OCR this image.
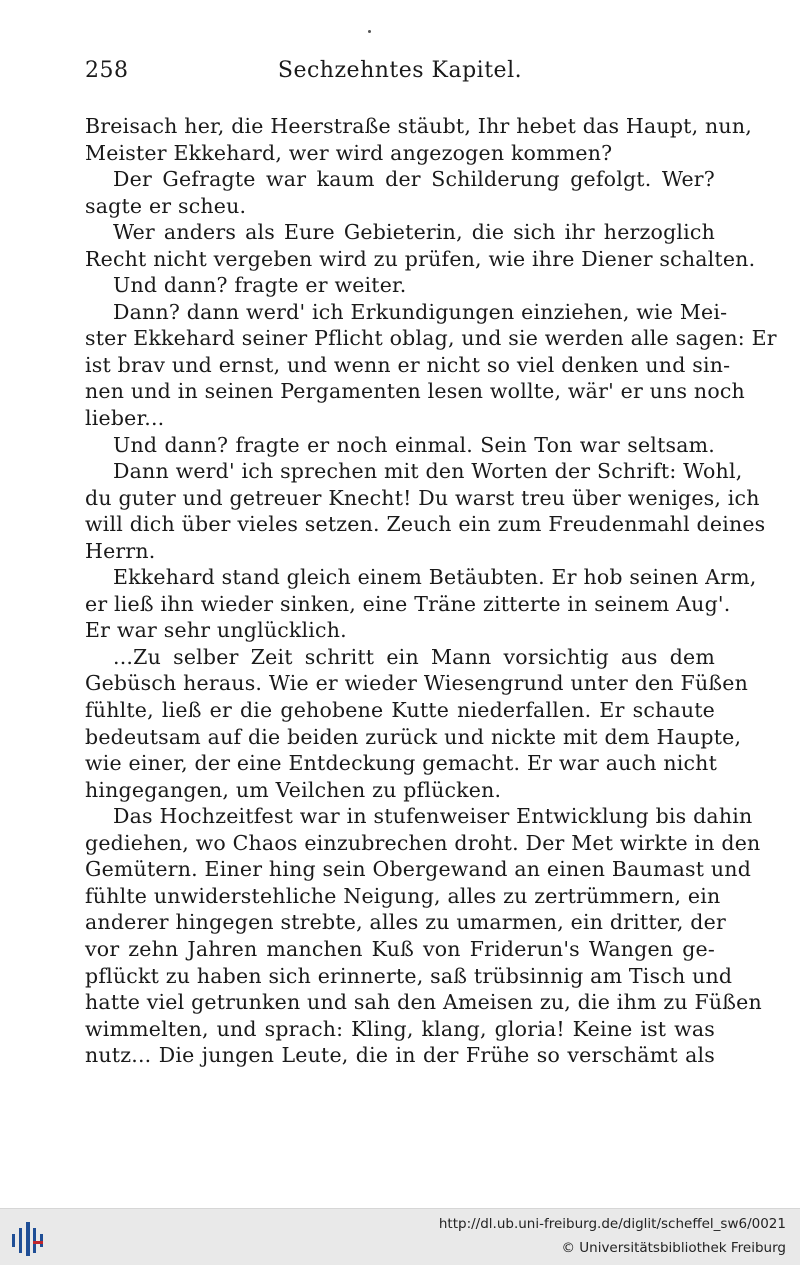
258	Sechzehntes Kapitel.
Breisach her, die Heerstraße stäubt, Ihr hebet das Haupt, nun,
Meister Ekkehard, wer wird angezogen kommen?
Der Gefragte war kaum der Schilderung gefolgt. Wer?
sagte er scheu.
Wer anders als Eure Gebieterin, die sich ihr herzoglich
Recht nicht vergeben wird zu prüfen, wie ihre Diener schalten.
Und dann? fragte er weiter.
Dann? dann werd' ich Erkundigungen einziehen, wie Mei-
ster Ekkehard seiner Pflicht oblag, und sie werden alle sagen: Er
ist brav und ernst, und wenn er nicht so viel denken und sin-
nen und in seinen Pergamenten lesen wollte, wär' er uns noch
lieber...
Und dann? fragte er noch einmal. Sein Ton war seltsam.
Dann werd' ich sprechen mit den Worten der Schrift: Wohl,
du guter und getreuer Knecht! Du warst treu über weniges, ich
will dich über vieles setzen. Zeuch ein zum Freudenmahl deines
Herrn.
Ekkehard stand gleich einem Betäubten. Er hob seinen Arm,
er ließ ihn wieder sinken, eine Träne zitterte in seinem Aug'.
Er war sehr unglücklich.
...Zu selber Zeit schritt ein Mann vorsichtig aus dem
Gebüsch heraus. Wie er wieder Wiesengrund unter den Füßen
fühlte, ließ er die gehobene Kutte niederfallen. Er schaute
bedeutsam auf die beiden zurück und nickte mit dem Haupte,
wie einer, der eine Entdeckung gemacht. Er war auch nicht
hingegangen, um Veilchen zu pflücken.
Das Hochzeitfest war in stufenweiser Entwicklung bis dahin
gediehen, wo Chaos einzubrechen droht. Der Met wirkte in den
Gemütern. Einer hing sein Obergewand an einen Baumast und
fühlte unwiderstehliche Neigung, alles zu zertrümmern, ein
anderer hingegen strebte, alles zu umarmen, ein dritter, der
vor zehn Jahren manchen Kuß von Friderun's Wangen ge-
pflückt zu haben sich erinnerte, saß trübsinnig am Tisch und
hatte viel getrunken und sah den Ameisen zu, die ihm zu Füßen
wimmelten, und sprach: Kling, klang, gloria! Keine ist was
nutz... Die jungen Leute, die in der Frühe so verschämt als
http://dl.ub.uni-freiburg.de/diglit/scheffel_sw6/0021
© Universitätsbibliothek Freiburg
